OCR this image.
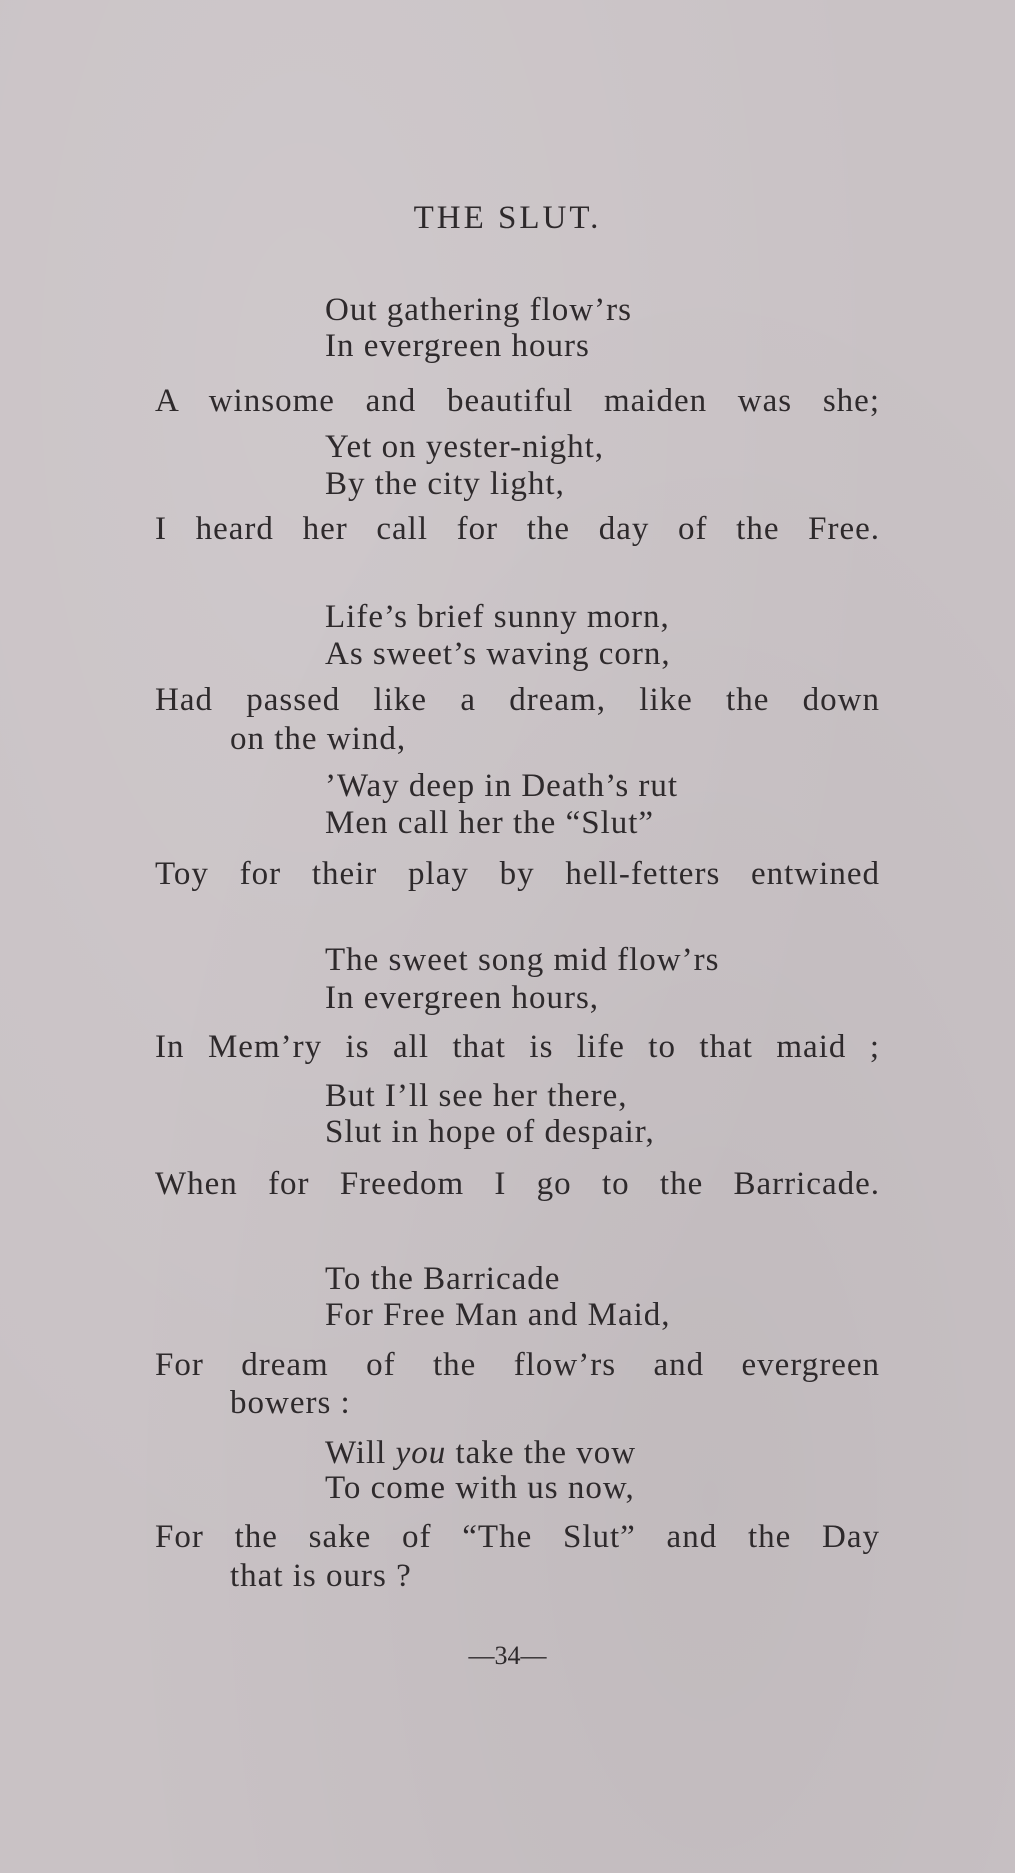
THE SLUT.
Out gathering flow’rs
In evergreen hours
A winsome and beautiful maiden was she;
Yet on yester-night,
By the city light,
I heard her call for the day of the Free.
Life’s brief sunny morn,
As sweet’s waving corn,
Had passed like a dream, like the down
on the wind,
’Way deep in Death’s rut
Men call her the “Slut”
Toy for their play by hell-fetters entwined
The sweet song mid flow’rs
In evergreen hours,
In Mem’ry is all that is life to that maid ;
But I’ll see her there,
Slut in hope of despair,
When for Freedom I go to the Barricade.
To the Barricade
For Free Man and Maid,
For dream of the flow’rs and evergreen
bowers :
Will you take the vow
To come with us now,
For the sake of “The Slut” and the Day
that is ours ?
—34—
